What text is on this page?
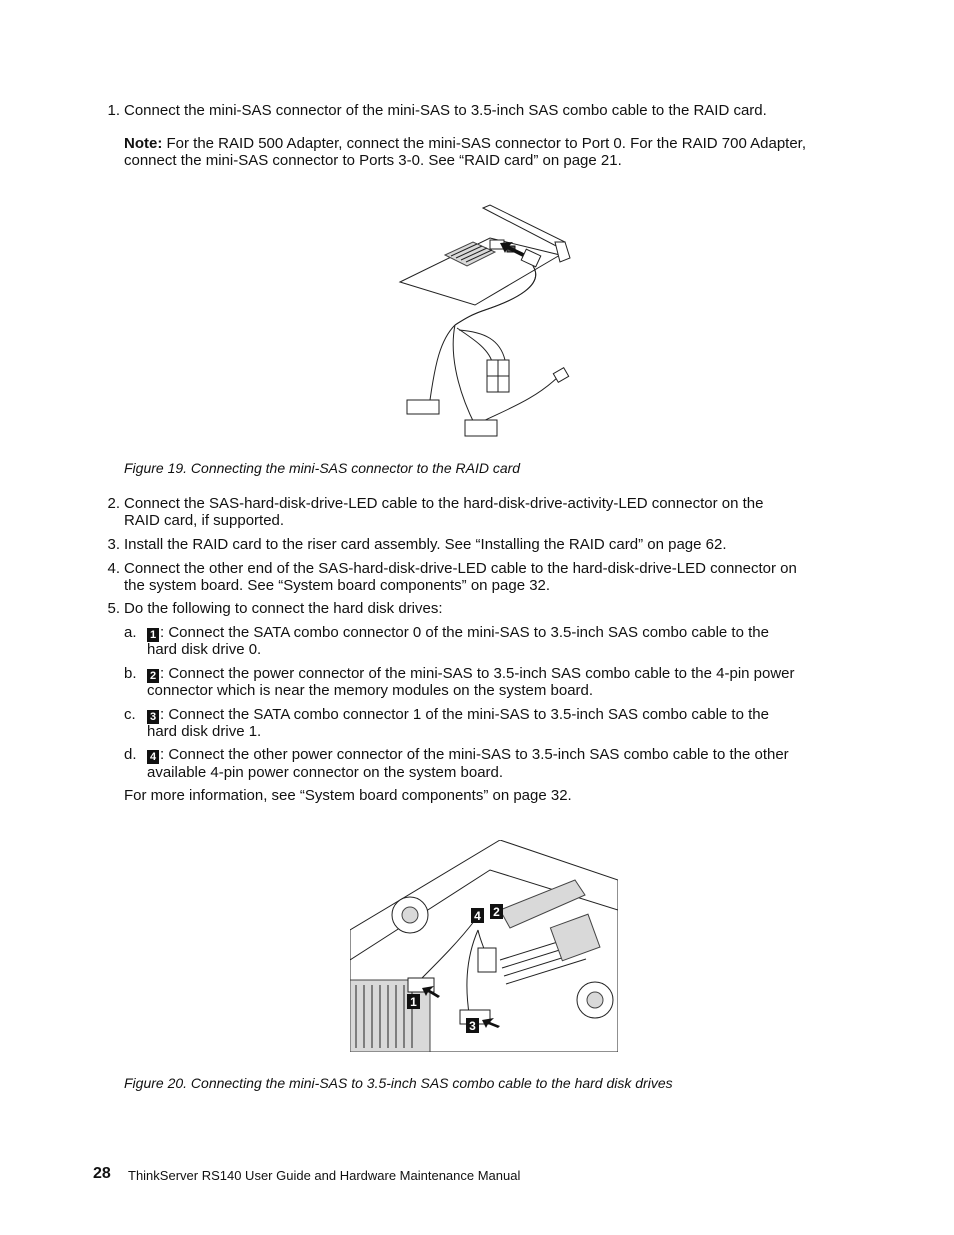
1. Connect the mini-SAS connector of the mini-SAS to 3.5-inch SAS combo cable to the RAID card.
Note: For the RAID 500 Adapter, connect the mini-SAS connector to Port 0. For the RAID 700 Adapter,
connect the mini-SAS connector to Ports 3-0. See “RAID card” on page 21.
Figure 19. Connecting the mini-SAS connector to the RAID card
2. Connect the SAS-hard-disk-drive-LED cable to the hard-disk-drive-activity-LED connector on the
RAID card, if supported.
3. Install the RAID card to the riser card assembly. See “Installing the RAID card” on page 62.
4. Connect the other end of the SAS-hard-disk-drive-LED cable to the hard-disk-drive-LED connector on
the system board. See “System board components” on page 32.
5. Do the following to connect the hard disk drives:
a. 1 : Connect the SATA combo connector 0 of the mini-SAS to 3.5-inch SAS combo cable to the
hard disk drive 0.
b. 2 : Connect the power connector of the mini-SAS to 3.5-inch SAS combo cable to the 4-pin power
connector which is near the memory modules on the system board.
c. 3 : Connect the SATA combo connector 1 of the mini-SAS to 3.5-inch SAS combo cable to the
hard disk drive 1.
d. 4 : Connect the other power connector of the mini-SAS to 3.5-inch SAS combo cable to the other
available 4-pin power connector on the system board.
For more information, see “System board components” on page 32.
1
2
3
4
Figure 20. Connecting the mini-SAS to 3.5-inch SAS combo cable to the hard disk drives
28 ThinkServer RS140 User Guide and Hardware Maintenance Manual
